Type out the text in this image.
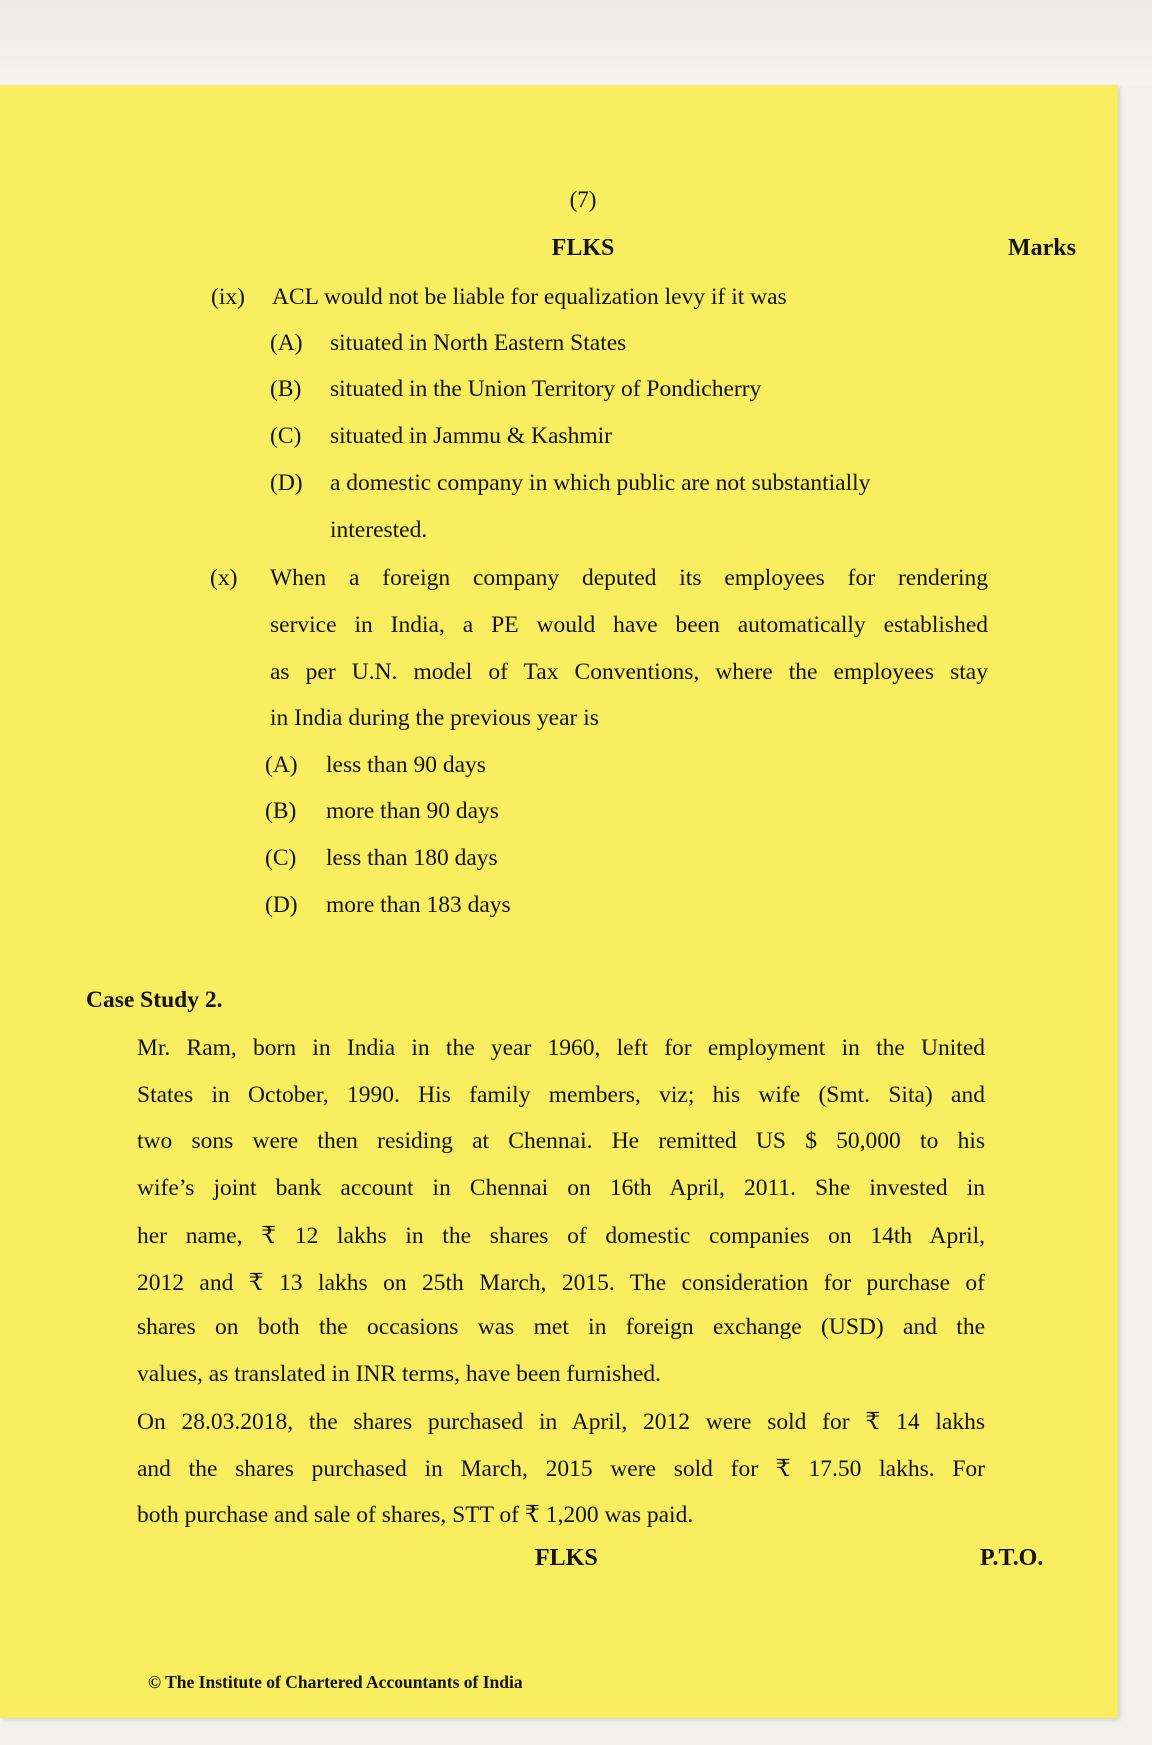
(7)
FLKS	Marks
(ix) ACL would not be liable for equalization levy if it was
(A) situated in North Eastern States
(B) situated in the Union Territory of Pondicherry
(C) situated in Jammu & Kashmir
(D) a domestic company in which public are not substantially
interested.
(x) When a foreign company deputed its employees for rendering
service in India, a PE would have been automatically established
as per U.N. model of Tax Conventions, where the employees stay
in India during the previous year is
(A) less than 90 days
(B) more than 90 days
(C) less than 180 days
(D) more than 183 days
Case Study 2.
Mr. Ram, born in India in the year 1960, left for employment in the United
States in October, 1990. His family members, viz; his wife (Smt. Sita) and
two sons were then residing at Chennai. He remitted US $ 50,000 to his
wife’s joint bank account in Chennai on 16th April, 2011. She invested in
her name, ₹ 12 lakhs in the shares of domestic companies on 14th April,
2012 and ₹ 13 lakhs on 25th March, 2015. The consideration for purchase of
shares on both the occasions was met in foreign exchange (USD) and the
values, as translated in INR terms, have been furnished.
On 28.03.2018, the shares purchased in April, 2012 were sold for ₹ 14 lakhs
and the shares purchased in March, 2015 were sold for ₹ 17.50 lakhs. For
both purchase and sale of shares, STT of ₹ 1,200 was paid.
FLKS	P.T.O.
© The Institute of Chartered Accountants of India
